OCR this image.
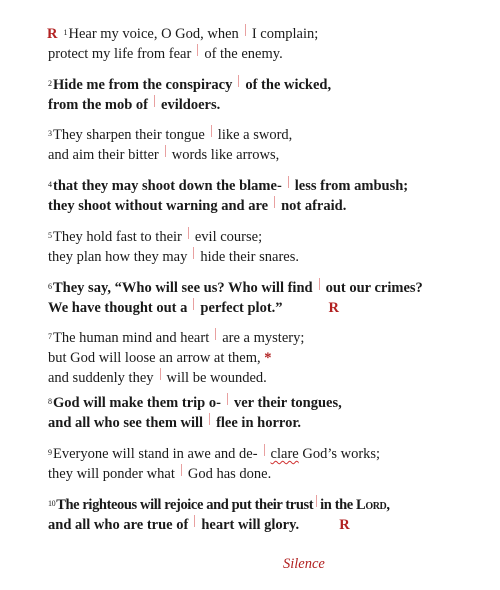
R $^1$Hear my voice, O God, when I complain;
protect my life from fear of the enemy.
$^2$Hide me from the conspiracy of the wicked,
from the mob of evildoers.
$^3$They sharpen their tongue like a sword,
and aim their bitter words like arrows,
$^4$that they may shoot down the blame- less from ambush;
they shoot without warning and are not afraid.
$^5$They hold fast to their evil course;
they plan how they may hide their snares.
$^6$They say, “Who will see us? Who will find out our crimes?
We have thought out a perfect plot.”	R
$^7$The human mind and heart are a mystery;
but God will loose an arrow at them, *
and suddenly they will be wounded.
$^8$God will make them trip o- ver their tongues,
and all who see them will flee in horror.
$^9$Everyone will stand in awe and de- clare God’s works;
they will ponder what God has done.
$^{10}$The righteous will rejoice and put their trust in the Lord,
and all who are true of heart will glory.	R
Silence
